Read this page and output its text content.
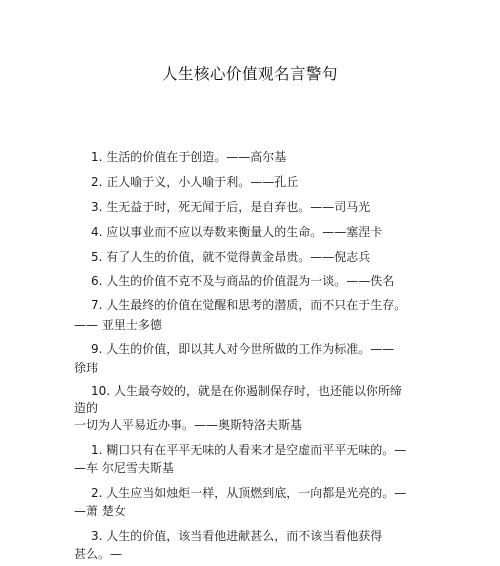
人生核心价值观名言警句
1. 生活的价值在于创造。——高尔基
2. 正人喻于义，小人喻于利。——孔丘
3. 生无益于时，死无闻于后，是自弃也。——司马光
4. 应以事业而不应以寿数来衡量人的生命。——塞涅卡
5. 有了人生的价值，就不觉得黄金昂贵。——倪志兵
6. 人生的价值不克不及与商品的价值混为一谈。——佚名
7. 人生最终的价值在觉醒和思考的潜质，而不只在于生存。
—— 亚里士多德
9. 人生的价值，即以其人对今世所做的工作为标准。——
徐玮
10. 人生最夸姣的，就是在你遏制保存时，也还能以你所缔
造的
一切为人平易近办事。——奥斯特洛夫斯基
1. 糊口只有在平平无味的人看来才是空虚而平平无味的。—
—车 尔尼雪夫斯基
2. 人生应当如烛炬一样，从顶燃到底，一向都是光亮的。—
—萧 楚女
3. 人生的价值，该当看他进献甚么，而不该当看他获得
甚么。—
